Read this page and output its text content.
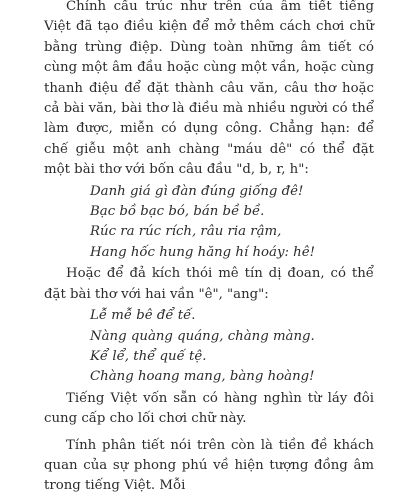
Chính cấu trúc như trên của âm tiết tiếng Việt đã tạo điều kiện để mở thêm cách chơi chữ bằng trùng điệp. Dùng toàn những âm tiết có cùng một âm đầu hoặc cùng một vần, hoặc cùng thanh điệu để đặt thành câu văn, câu thơ hoặc cả bài văn, bài thơ là điều mà nhiều người có thể làm được, miễn có dụng công. Chẳng hạn: để chế giễu một anh chàng "máu dê" có thể đặt một bài thơ với bốn câu đầu "d, b, r, h":

Danh giá gì đàn đúng giống đê!
Bạc bồ bạc bó, bán bề bề.
Rúc ra rúc rích, râu ria rậm,
Hang hốc hung hăng hí hoáy: hê!

Hoặc để đả kích thói mê tín dị đoan, có thể đặt bài thơ với hai vần "ê", "ang":

Lễ mễ bê để tế.
Nàng quàng quáng, chàng màng.
Kể lể, thể quế tệ.
Chàng hoang mang, bàng hoàng!

Tiếng Việt vốn sẵn có hàng nghìn từ láy đôi cung cấp cho lối chơi chữ này.

Tính phân tiết nói trên còn là tiền đề khách quan của sự phong phú về hiện tượng đồng âm trong tiếng Việt. Mỗi
